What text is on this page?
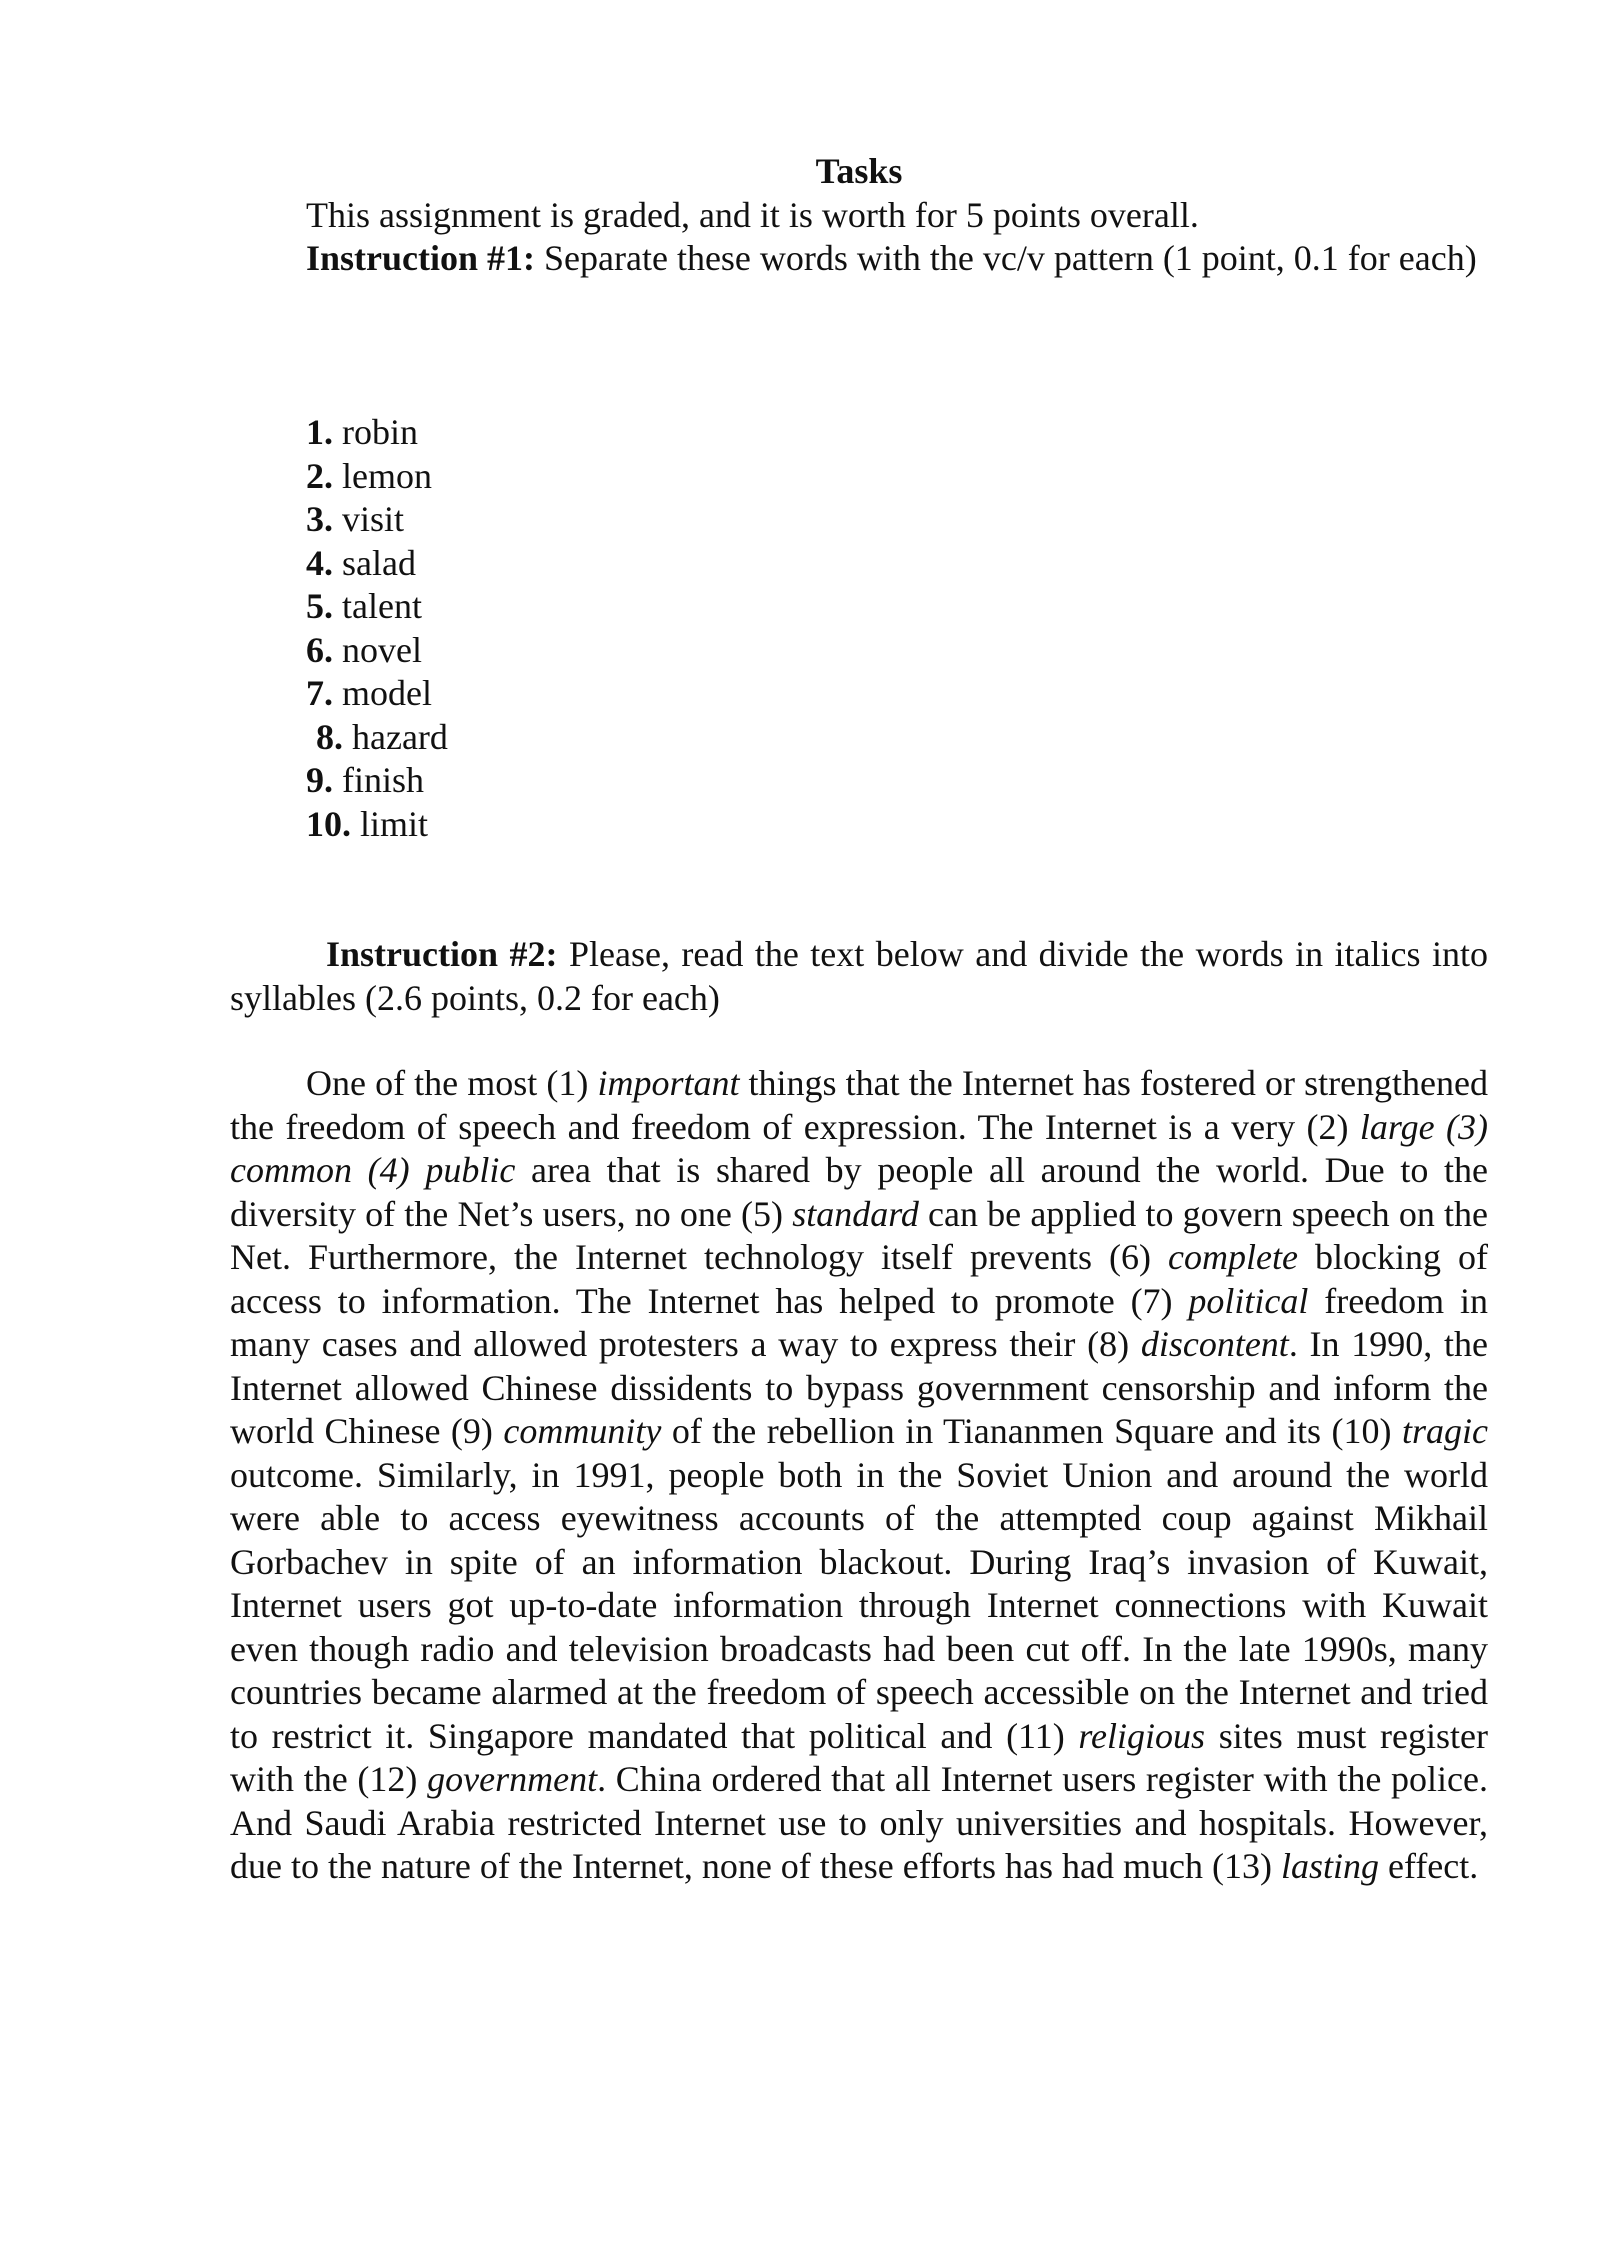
Tasks

This assignment is graded, and it is worth for 5 points overall.

Instruction #1: Separate these words with the vc/v pattern (1 point, 0.1 for each)

1. robin
2. lemon
3. visit
4. salad
5. talent
6. novel
7. model
8. hazard
9. finish
10. limit

Instruction #2: Please, read the text below and divide the words in italics into syllables (2.6 points, 0.2 for each)

One of the most (1) important things that the Internet has fostered or strengthened the freedom of speech and freedom of expression. The Internet is a very (2) large (3) common (4) public area that is shared by people all around the world. Due to the diversity of the Net’s users, no one (5) standard can be applied to govern speech on the Net. Furthermore, the Internet technology itself prevents (6) complete blocking of access to information. The Internet has helped to promote (7) political freedom in many cases and allowed protesters a way to express their (8) discontent. In 1990, the Internet allowed Chinese dissidents to bypass government censorship and inform the world Chinese (9) community of the rebellion in Tiananmen Square and its (10) tragic outcome. Similarly, in 1991, people both in the Soviet Union and around the world were able to access eyewitness accounts of the attempted coup against Mikhail Gorbachev in spite of an information blackout. During Iraq’s invasion of Kuwait, Internet users got up-to-date information through Internet connections with Kuwait even though radio and television broadcasts had been cut off. In the late 1990s, many countries became alarmed at the freedom of speech accessible on the Internet and tried to restrict it. Singapore mandated that political and (11) religious sites must register with the (12) government. China ordered that all Internet users register with the police. And Saudi Arabia restricted Internet use to only universities and hospitals. However, due to the nature of the Internet, none of these efforts has had much (13) lasting effect.
